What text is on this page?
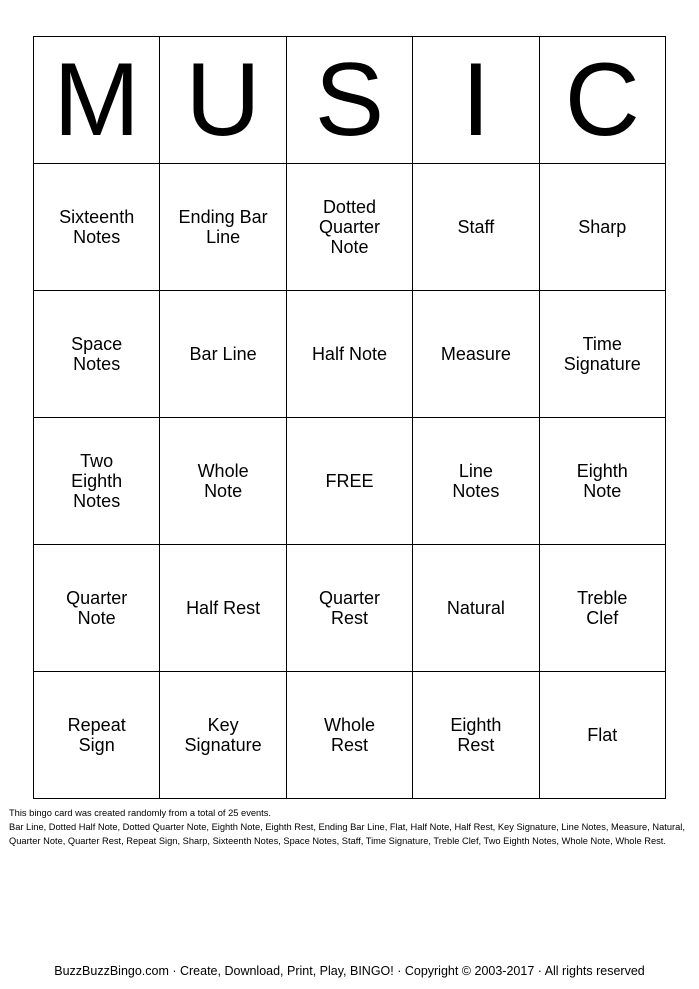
M	U	S	I	C
Sixteenth Notes	Ending Bar Line	Dotted Quarter Note	Staff	Sharp
Space Notes	Bar Line	Half Note	Measure	Time Signature
Two Eighth Notes	Whole Note	FREE	Line Notes	Eighth Note
Quarter Note	Half Rest	Quarter Rest	Natural	Treble Clef
Repeat Sign	Key Signature	Whole Rest	Eighth Rest	Flat

This bingo card was created randomly from a total of 25 events.

Bar Line, Dotted Half Note, Dotted Quarter Note, Eighth Note, Eighth Rest, Ending Bar Line, Flat, Half Note, Half Rest, Key Signature, Line Notes, Measure, Natural, Quarter Note, Quarter Rest, Repeat Sign, Sharp, Sixteenth Notes, Space Notes, Staff, Time Signature, Treble Clef, Two Eighth Notes, Whole Note, Whole Rest.

BuzzBuzzBingo.com · Create, Download, Print, Play, BINGO! · Copyright © 2003-2017 · All rights reserved
